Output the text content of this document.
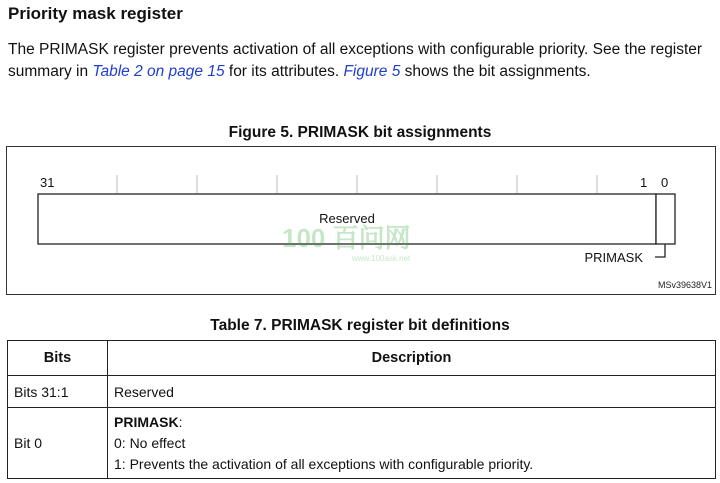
Priority mask register

The PRIMASK register prevents activation of all exceptions with configurable priority. See the register summary in Table 2 on page 15 for its attributes. Figure 5 shows the bit assignments.

Figure 5. PRIMASK bit assignments
31	1 0
Reserved
PRIMASK
MSv39638V1
100 百问网
www.100ask.net
Table 7. PRIMASK register bit definitions
Bits	Description
Bits 31:1	Reserved
Bit 0	PRIMASK:
0: No effect
1: Prevents the activation of all exceptions with configurable priority.
